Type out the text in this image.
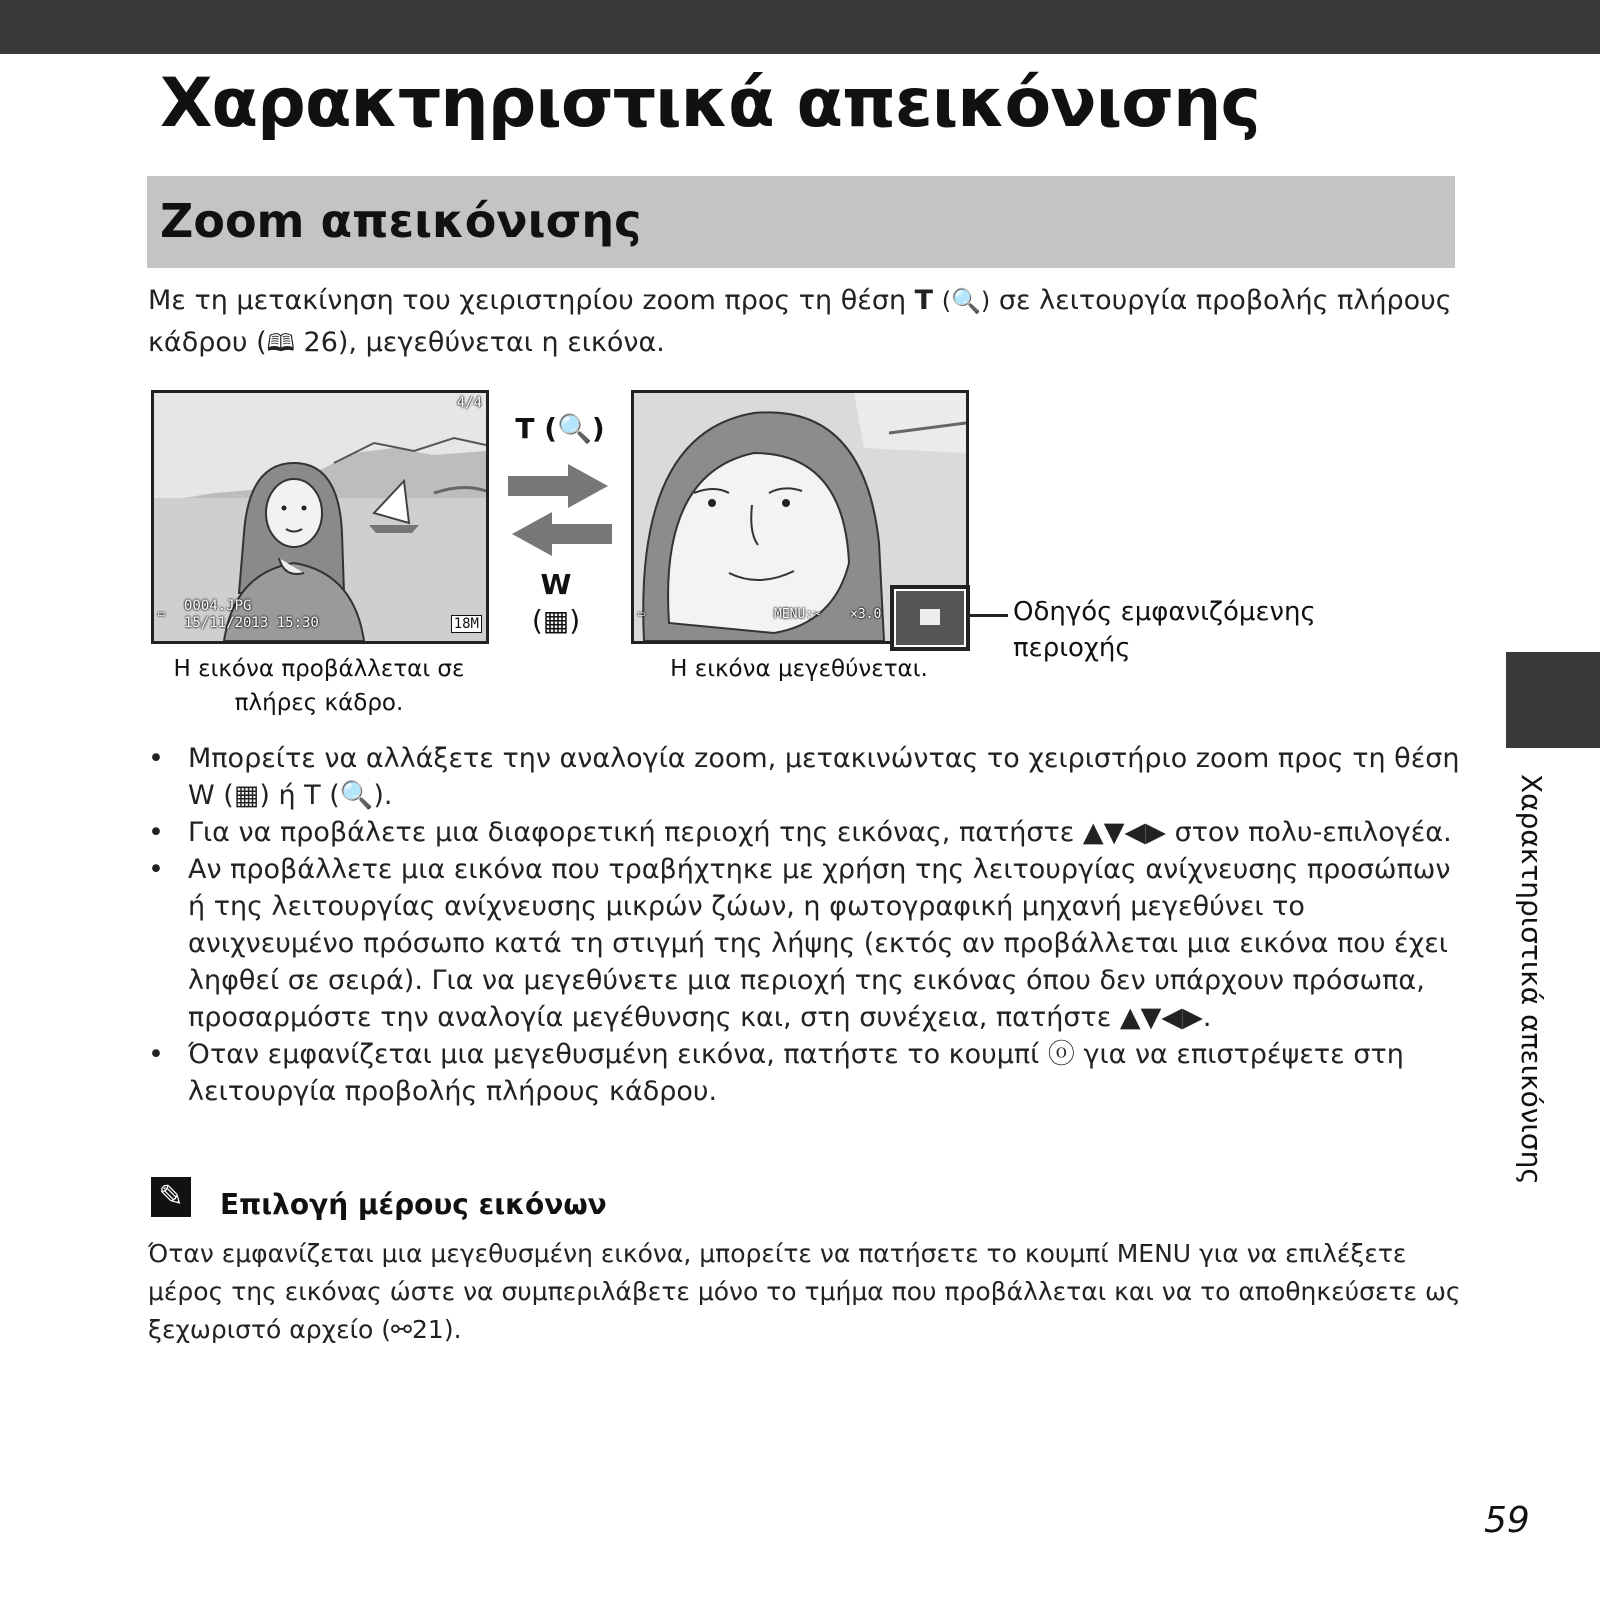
Χαρακτηριστικά απεικόνισης
Zoom απεικόνισης

Με τη μετακίνηση του χειριστηρίου zoom προς τη θέση T (🔍) σε λειτουργία προβολής πλήρους κάδρου (🕮 26), μεγεθύνεται η εικόνα.

4/4
▭ 0004.JPG
15/11/2013 15:30	18M
Η εικόνα προβάλλεται σε πλήρες κάδρο.
T (🔍)
W
(▦)	▭	MENU:✂ ×3.0	Οδηγός εμφανιζόμενης περιοχής
Η εικόνα μεγεθύνεται.
• Μπορείτε να αλλάξετε την αναλογία zoom, μετακινώντας το χειριστήριο zoom προς τη θέση W (▦) ή T (🔍).
• Για να προβάλετε μια διαφορετική περιοχή της εικόνας, πατήστε ▲▼◀▶ στον πολυ-επιλογέα.
• Αν προβάλλετε μια εικόνα που τραβήχτηκε με χρήση της λειτουργίας ανίχνευσης προσώπων ή της λειτουργίας ανίχνευσης μικρών ζώων, η φωτογραφική μηχανή μεγεθύνει το ανιχνευμένο πρόσωπο κατά τη στιγμή της λήψης (εκτός αν προβάλλεται μια εικόνα που έχει ληφθεί σε σειρά). Για να μεγεθύνετε μια περιοχή της εικόνας όπου δεν υπάρχουν πρόσωπα, προσαρμόστε την αναλογία μεγέθυνσης και, στη συνέχεια, πατήστε ▲▼◀▶.
• Όταν εμφανίζεται μια μεγεθυσμένη εικόνα, πατήστε το κουμπί ⓞ για να επιστρέψετε στη λειτουργία προβολής πλήρους κάδρου.
✎ Επιλογή μέρους εικόνων

Όταν εμφανίζεται μια μεγεθυσμένη εικόνα, μπορείτε να πατήσετε το κουμπί MENU για να επιλέξετε μέρος της εικόνας ώστε να συμπεριλάβετε μόνο το τμήμα που προβάλλεται και να το αποθηκεύσετε ως ξεχωριστό αρχείο (⚯21).

Χαρακτηριστικά απεικόνισης
59
